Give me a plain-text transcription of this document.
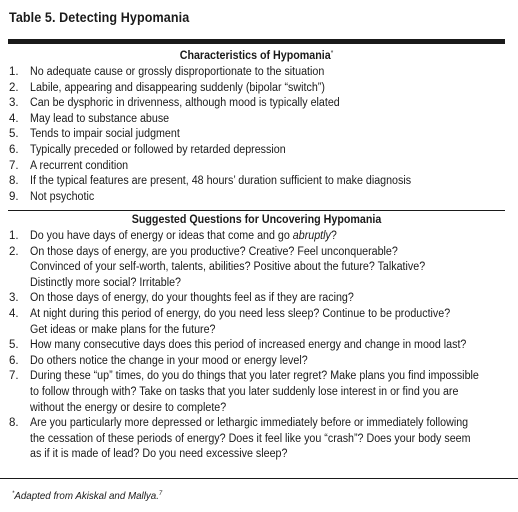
Table 5. Detecting Hypomania
Characteristics of Hypomania*
1. No adequate cause or grossly disproportionate to the situation
2. Labile, appearing and disappearing suddenly (bipolar “switch”)
3. Can be dysphoric in drivenness, although mood is typically elated
4. May lead to substance abuse
5. Tends to impair social judgment
6. Typically preceded or followed by retarded depression
7. A recurrent condition
8. If the typical features are present, 48 hours’ duration sufficient to make diagnosis
9. Not psychotic
Suggested Questions for Uncovering Hypomania
1. Do you have days of energy or ideas that come and go abruptly?
2. On those days of energy, are you productive? Creative? Feel unconquerable?
Convinced of your self-worth, talents, abilities? Positive about the future? Talkative?
Distinctly more social? Irritable?
3. On those days of energy, do your thoughts feel as if they are racing?
4. At night during this period of energy, do you need less sleep? Continue to be productive?
Get ideas or make plans for the future?
5. How many consecutive days does this period of increased energy and change in mood last?
6. Do others notice the change in your mood or energy level?
7. During these “up” times, do you do things that you later regret? Make plans you find impossible
to follow through with? Take on tasks that you later suddenly lose interest in or find you are
without the energy or desire to complete?
8. Are you particularly more depressed or lethargic immediately before or immediately following
the cessation of these periods of energy? Does it feel like you “crash”? Does your body seem
as if it is made of lead? Do you need excessive sleep?
*Adapted from Akiskal and Mallya.$^7$
